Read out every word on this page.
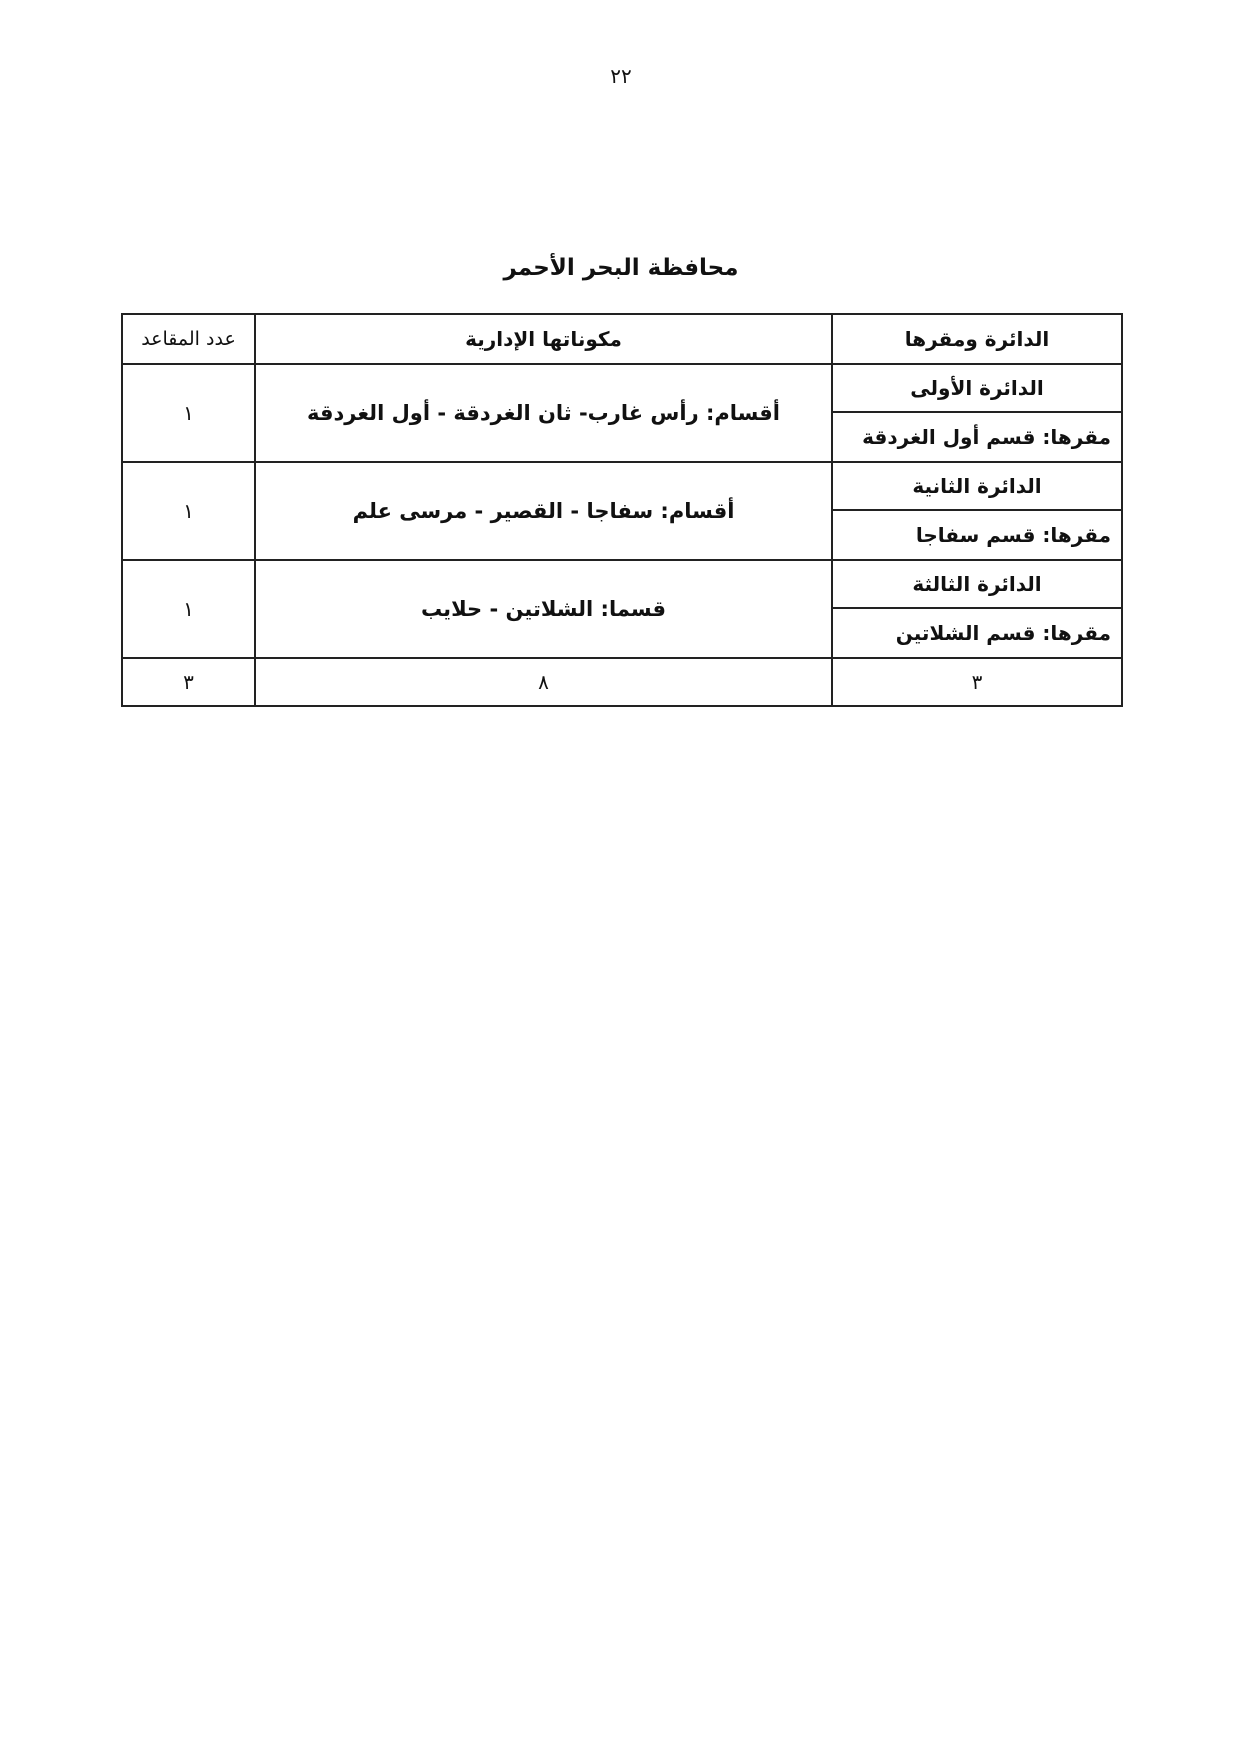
٢٢
محافظة البحر الأحمر
الدائرة ومقرها	مكوناتها الإدارية	عدد المقاعد
الدائرة الأولى	أقسام: رأس غارب- ثان الغردقة - أول الغردقة	١
مقرها: قسم أول الغردقة		
الدائرة الثانية	أقسام: سفاجا - القصير - مرسى علم	١
مقرها: قسم سفاجا		
الدائرة الثالثة	قسما: الشلاتين - حلايب	١
مقرها: قسم الشلاتين		
٣	٨	٣
